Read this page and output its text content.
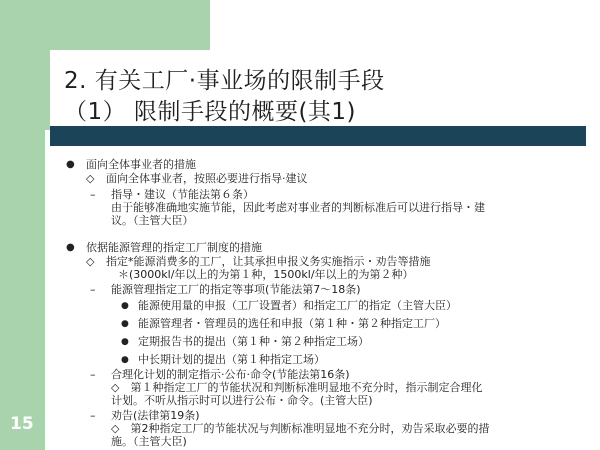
2. 有关工厂·事业场的限制手段
（1） 限制手段的概要(其1)
15
● 面向全体事业者的措施
◇ 面向全体事业者，按照必要进行指导·建议
– 指导・建议（节能法第６条）
由于能够准确地实施节能，因此考虑对事业者的判断标准后可以进行指导・建
议。（主管大臣）
● 依据能源管理的指定工厂制度的措施
◇ 指定*能源消费多的工厂，让其承担申报义务实施指示・劝告等措施
＊(3000kl/年以上的为第１种，1500kl/年以上的为第２种）
– 能源管理指定工厂的指定等事项(节能法第7～18条)
● 能源使用量的申报（工厂设置者）和指定工厂的指定（主管大臣）
● 能源管理者・管理员的选任和申报（第１种・第２种指定工厂）
● 定期报告书的提出（第１种・第２种指定工场）
● 中长期计划的提出（第１种指定工场）
– 合理化计划的制定指示·公布·命令(节能法第16条)
◇　第１种指定工厂的节能状况和判断标准明显地不充分时，指示制定合理化
计划。不听从指示时可以进行公布・命令。(主管大臣)
– 劝告(法律第19条)
◇　第2种指定工厂的节能状况与判断标准明显地不充分时，劝告采取必要的措
施。（主管大臣)
